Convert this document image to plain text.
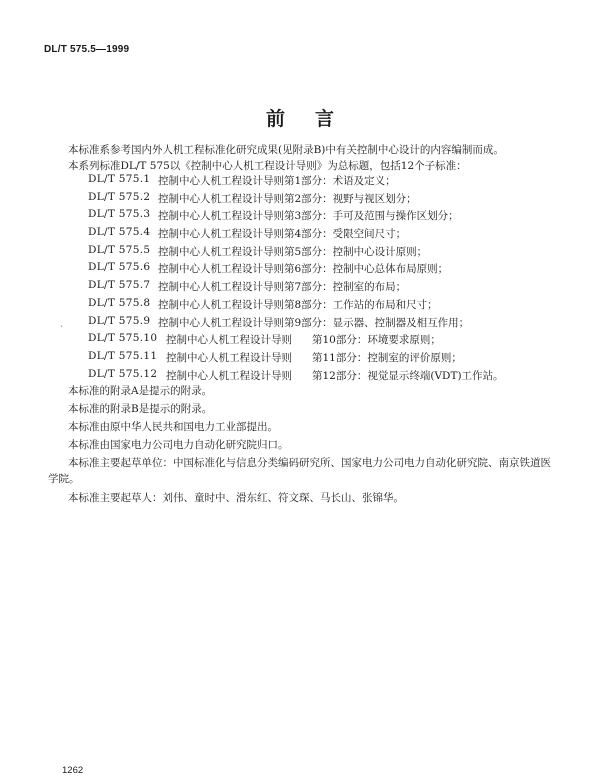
DL/T 575.5—1999
前言
本标准系参考国内外人机工程标准化研究成果(见附录B)中有关控制中心设计的内容编制而成。
本系列标准DL/T 575以《控制中心人机工程设计导则》为总标题，包括12个子标准：
DL/T 575.1 控制中心人机工程设计导则 第1部分：术语及定义；
DL/T 575.2 控制中心人机工程设计导则 第2部分：视野与视区划分；
DL/T 575.3 控制中心人机工程设计导则 第3部分：手可及范围与操作区划分；
DL/T 575.4 控制中心人机工程设计导则 第4部分：受限空间尺寸；
DL/T 575.5 控制中心人机工程设计导则 第5部分：控制中心设计原则；
DL/T 575.6 控制中心人机工程设计导则 第6部分：控制中心总体布局原则；
DL/T 575.7 控制中心人机工程设计导则 第7部分：控制室的布局；
DL/T 575.8 控制中心人机工程设计导则 第8部分：工作站的布局和尺寸；
DL/T 575.9 控制中心人机工程设计导则 第9部分：显示器、控制器及相互作用；
DL/T 575.10 控制中心人机工程设计导则 第10部分：环境要求原则；
DL/T 575.11 控制中心人机工程设计导则 第11部分：控制室的评价原则；
DL/T 575.12 控制中心人机工程设计导则 第12部分：视觉显示终端(VDT)工作站。
`
本标准的附录A是提示的附录。
本标准的附录B是提示的附录。
本标准由原中华人民共和国电力工业部提出。
本标准由国家电力公司电力自动化研究院归口。
本标准主要起草单位：中国标准化与信息分类编码研究所、国家电力公司电力自动化研究院、南京铁道医学院。
本标准主要起草人：刘伟、童时中、滑东红、符文琛、马长山、张锦华。
1262
